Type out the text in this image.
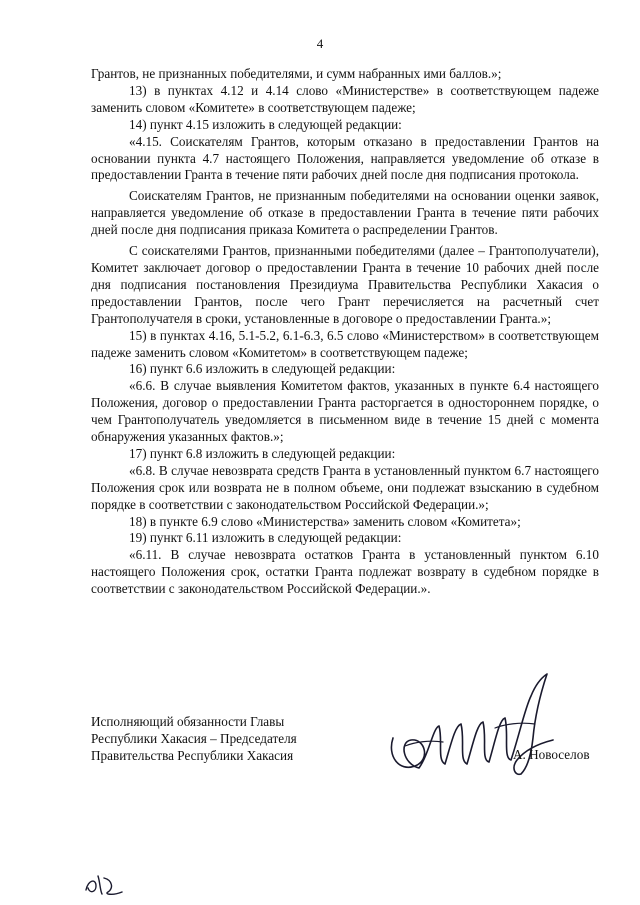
4

Грантов, не признанных победителями, и сумм набранных ими баллов.»;

13) в пунктах 4.12 и 4.14 слово «Министерстве» в соответствующем падеже заменить словом «Комитете» в соответствующем падеже;

14) пункт 4.15 изложить в следующей редакции:

«4.15. Соискателям Грантов, которым отказано в предоставлении Грантов на основании пункта 4.7 настоящего Положения, направляется уведомление об отказе в предоставлении Гранта в течение пяти рабочих дней после дня подписания протокола.

Соискателям Грантов, не признанным победителями на основании оценки заявок, направляется уведомление об отказе в предоставлении Гранта в течение пяти рабочих дней после дня подписания приказа Комитета о распределении Грантов.

С соискателями Грантов, признанными победителями (далее – Грантополучатели), Комитет заключает договор о предоставлении Гранта в течение 10 рабочих дней после дня подписания постановления Президиума Правительства Республики Хакасия о предоставлении Грантов, после чего Грант перечисляется на расчетный счет Грантополучателя в сроки, установленные в договоре о предоставлении Гранта.»;

15) в пунктах 4.16, 5.1-5.2, 6.1-6.3, 6.5 слово «Министерством» в соответствующем падеже заменить словом «Комитетом» в соответствующем падеже;

16) пункт 6.6 изложить в следующей редакции:

«6.6. В случае выявления Комитетом фактов, указанных в пункте 6.4 настоящего Положения, договор о предоставлении Гранта расторгается в одностороннем порядке, о чем Грантополучатель уведомляется в письменном виде в течение 15 дней с момента обнаружения указанных фактов.»;

17) пункт 6.8 изложить в следующей редакции:

«6.8. В случае невозврата средств Гранта в установленный пунктом 6.7 настоящего Положения срок или возврата не в полном объеме, они подлежат взысканию в судебном порядке в соответствии с законодательством Российской Федерации.»;

18) в пункте 6.9 слово «Министерства» заменить словом «Комитета»;

19) пункт 6.11 изложить в следующей редакции:

«6.11. В случае невозврата остатков Гранта в установленный пунктом 6.10 настоящего Положения срок, остатки Гранта подлежат возврату в судебном порядке в соответствии с законодательством Российской Федерации.».

Исполняющий обязанности Главы
Республики Хакасия – Председателя
Правительства Республики Хакасия	А. Новоселов
